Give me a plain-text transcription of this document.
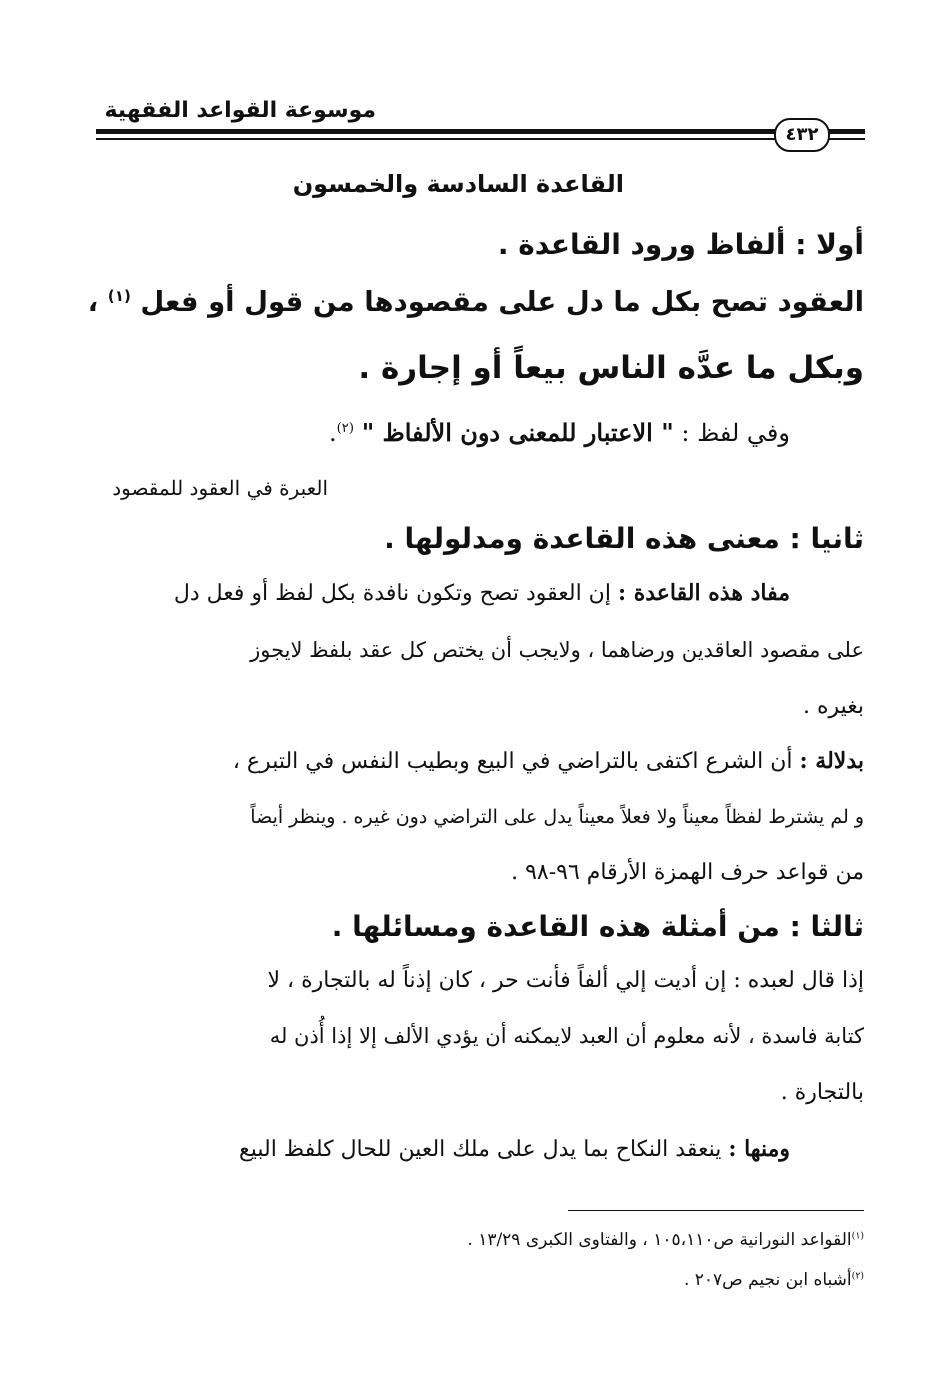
موسوعة القواعد الفقهية
٤٣٢
القاعدة السادسة والخمسون
أولا : ألفاظ ورود القاعدة .
العقود تصح بكل ما دل على مقصودها من قول أو فعل $^{(١)}$ ،
وبكل ما عدَّه الناس بيعاً أو إجارة .
وفي لفظ : " الاعتبار للمعنى دون الألفاظ " $^{(٢)}$.
العبرة في العقود للمقصود
ثانيا : معنى هذه القاعدة ومدلولها .
مفاد هذه القاعدة : إن العقود تصح وتكون نافدة بكل لفظ أو فعل دل
على مقصود العاقدين ورضاهما ، ولايجب أن يختص كل عقد بلفظ لايجوز
بغيره .
بدلالة : أن الشرع اكتفى بالتراضي في البيع وبطيب النفس في التبرع ،
و لم يشترط لفظاً معيناً ولا فعلاً معيناً يدل على التراضي دون غيره . وينظر أيضاً
من قواعد حرف الهمزة الأرقام ٩٦-٩٨ .
ثالثا : من أمثلة هذه القاعدة ومسائلها .
إذا قال لعبده : إن أديت إلي ألفاً فأنت حر ، كان إذناً له بالتجارة ، لا
كتابة فاسدة ، لأنه معلوم أن العبد لايمكنه أن يؤدي الألف إلا إذا أُذن له
بالتجارة .
ومنها : ينعقد النكاح بما يدل على ملك العين للحال كلفظ البيع
$^{(١)}$القواعد النورانية ص١٠٥،١١٠ ، والفتاوى الكبرى ١٣/٢٩ .
$^{(٢)}$أشباه ابن نجيم ص٢٠٧ .
